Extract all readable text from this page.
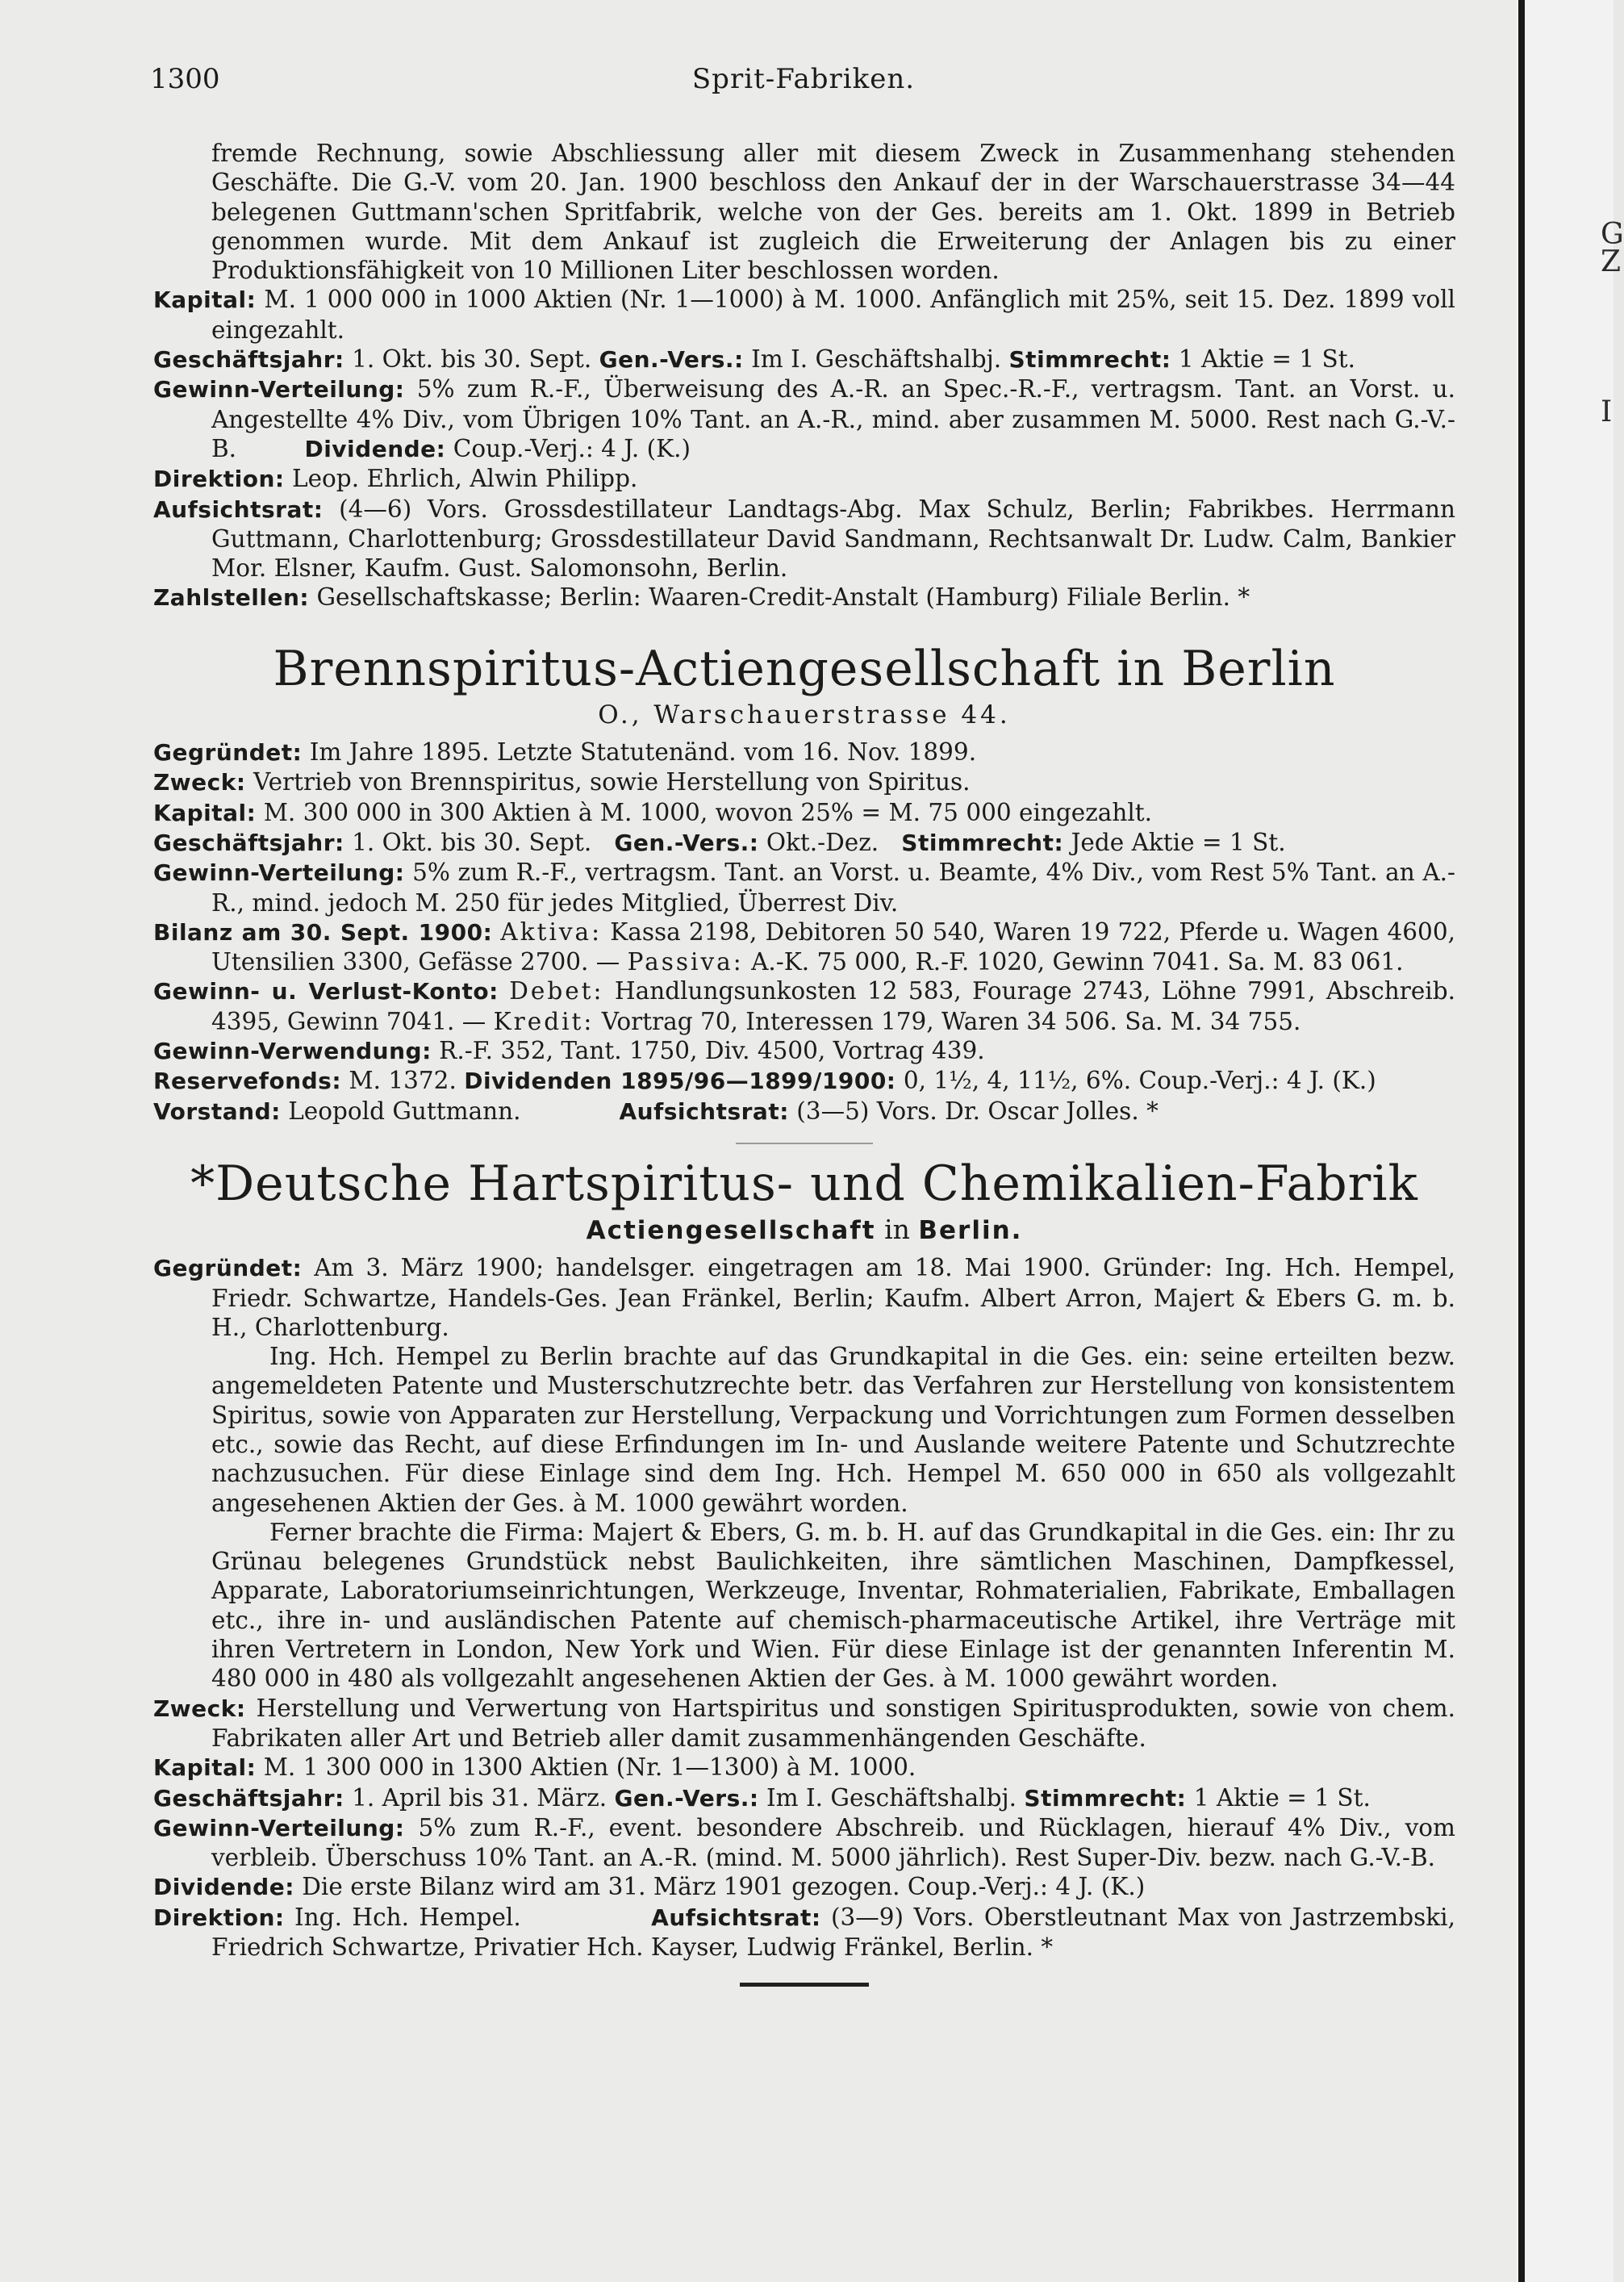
G
Z
I
1300	Sprit-Fabriken.

fremde Rechnung, sowie Abschliessung aller mit diesem Zweck in Zusammenhang stehenden Geschäfte. Die G.-V. vom 20. Jan. 1900 beschloss den Ankauf der in der Warschauerstrasse 34—44 belegenen Guttmann'schen Spritfabrik, welche von der Ges. bereits am 1. Okt. 1899 in Betrieb genommen wurde. Mit dem Ankauf ist zugleich die Erweiterung der Anlagen bis zu einer Produktionsfähigkeit von 10 Millionen Liter beschlossen worden.

Kapital: M. 1 000 000 in 1000 Aktien (Nr. 1—1000) à M. 1000. Anfänglich mit 25%, seit 15. Dez. 1899 voll eingezahlt.

Geschäftsjahr: 1. Okt. bis 30. Sept. Gen.-Vers.: Im I. Geschäftshalbj. Stimmrecht: 1 Aktie = 1 St.

Gewinn-Verteilung: 5% zum R.-F., Überweisung des A.-R. an Spec.-R.-F., vertragsm. Tant. an Vorst. u. Angestellte 4% Div., vom Übrigen 10% Tant. an A.-R., mind. aber zusammen M. 5000. Rest nach G.-V.-B.	Dividende: Coup.-Verj.: 4 J. (K.)

Direktion: Leop. Ehrlich, Alwin Philipp.

Aufsichtsrat: (4—6) Vors. Grossdestillateur Landtags-Abg. Max Schulz, Berlin; Fabrikbes. Herrmann Guttmann, Charlottenburg; Grossdestillateur David Sandmann, Rechtsanwalt Dr. Ludw. Calm, Bankier Mor. Elsner, Kaufm. Gust. Salomonsohn, Berlin.

Zahlstellen: Gesellschaftskasse; Berlin: Waaren-Credit-Anstalt (Hamburg) Filiale Berlin. *

Brennspiritus-Actiengesellschaft in Berlin
O., Warschauerstrasse 44.

Gegründet: Im Jahre 1895. Letzte Statutenänd. vom 16. Nov. 1899.

Zweck: Vertrieb von Brennspiritus, sowie Herstellung von Spiritus.

Kapital: M. 300 000 in 300 Aktien à M. 1000, wovon 25% = M. 75 000 eingezahlt.

Geschäftsjahr: 1. Okt. bis 30. Sept. Gen.-Vers.: Okt.-Dez. Stimmrecht: Jede Aktie = 1 St.

Gewinn-Verteilung: 5% zum R.-F., vertragsm. Tant. an Vorst. u. Beamte, 4% Div., vom Rest 5% Tant. an A.-R., mind. jedoch M. 250 für jedes Mitglied, Überrest Div.

Bilanz am 30. Sept. 1900: Aktiva: Kassa 2198, Debitoren 50 540, Waren 19 722, Pferde u. Wagen 4600, Utensilien 3300, Gefässe 2700. — Passiva: A.-K. 75 000, R.-F. 1020, Gewinn 7041. Sa. M. 83 061.

Gewinn- u. Verlust-Konto: Debet: Handlungsunkosten 12 583, Fourage 2743, Löhne 7991, Abschreib. 4395, Gewinn 7041. — Kredit: Vortrag 70, Interessen 179, Waren 34 506. Sa. M. 34 755.

Gewinn-Verwendung: R.-F. 352, Tant. 1750, Div. 4500, Vortrag 439.

Reservefonds: M. 1372. Dividenden 1895/96—1899/1900: 0, 1½, 4, 11½, 6%. Coup.-Verj.: 4 J. (K.)

Vorstand: Leopold Guttmann.	Aufsichtsrat: (3—5) Vors. Dr. Oscar Jolles. *

*Deutsche Hartspiritus- und Chemikalien-Fabrik
Actiengesellschaft in Berlin.

Gegründet: Am 3. März 1900; handelsger. eingetragen am 18. Mai 1900. Gründer: Ing. Hch. Hempel, Friedr. Schwartze, Handels-Ges. Jean Fränkel, Berlin; Kaufm. Albert Arron, Majert & Ebers G. m. b. H., Charlottenburg.

Ing. Hch. Hempel zu Berlin brachte auf das Grundkapital in die Ges. ein: seine erteilten bezw. angemeldeten Patente und Musterschutzrechte betr. das Verfahren zur Herstellung von konsistentem Spiritus, sowie von Apparaten zur Herstellung, Verpackung und Vorrichtungen zum Formen desselben etc., sowie das Recht, auf diese Erfindungen im In- und Auslande weitere Patente und Schutzrechte nachzusuchen. Für diese Einlage sind dem Ing. Hch. Hempel M. 650 000 in 650 als vollgezahlt angesehenen Aktien der Ges. à M. 1000 gewährt worden.

Ferner brachte die Firma: Majert & Ebers, G. m. b. H. auf das Grundkapital in die Ges. ein: Ihr zu Grünau belegenes Grundstück nebst Baulichkeiten, ihre sämtlichen Maschinen, Dampfkessel, Apparate, Laboratoriumseinrichtungen, Werkzeuge, Inventar, Rohmaterialien, Fabrikate, Emballagen etc., ihre in- und ausländischen Patente auf chemisch-pharmaceutische Artikel, ihre Verträge mit ihren Vertretern in London, New York und Wien. Für diese Einlage ist der genannten Inferentin M. 480 000 in 480 als vollgezahlt angesehenen Aktien der Ges. à M. 1000 gewährt worden.

Zweck: Herstellung und Verwertung von Hartspiritus und sonstigen Spiritusprodukten, sowie von chem. Fabrikaten aller Art und Betrieb aller damit zusammenhängenden Geschäfte.

Kapital: M. 1 300 000 in 1300 Aktien (Nr. 1—1300) à M. 1000.

Geschäftsjahr: 1. April bis 31. März. Gen.-Vers.: Im I. Geschäftshalbj. Stimmrecht: 1 Aktie = 1 St.

Gewinn-Verteilung: 5% zum R.-F., event. besondere Abschreib. und Rücklagen, hierauf 4% Div., vom verbleib. Überschuss 10% Tant. an A.-R. (mind. M. 5000 jährlich). Rest Super-Div. bezw. nach G.-V.-B.

Dividende: Die erste Bilanz wird am 31. März 1901 gezogen. Coup.-Verj.: 4 J. (K.)

Direktion: Ing. Hch. Hempel.	Aufsichtsrat: (3—9) Vors. Oberstleutnant Max von Jastrzembski, Friedrich Schwartze, Privatier Hch. Kayser, Ludwig Fränkel, Berlin. *
